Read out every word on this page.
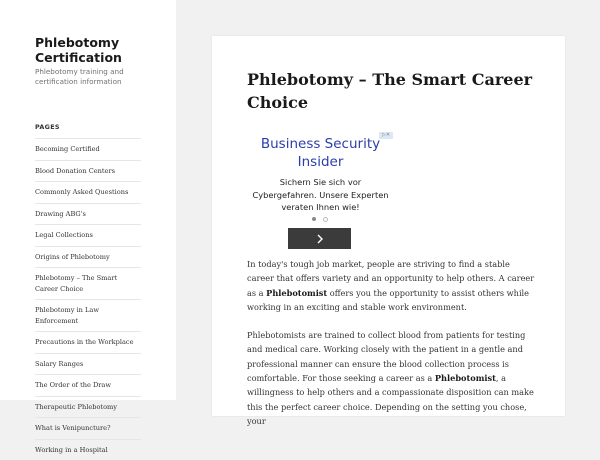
Phlebotomy Certification
Phlebotomy training and certification information
PAGES
Becoming Certified
Blood Donation Centers
Commonly Asked Questions
Drawing ABG's
Legal Collections
Origins of Phlebotomy
Phlebotomy – The Smart Career Choice
Phlebotomy in Law Enforcement
Precautions in the Workplace
Salary Ranges
The Order of the Draw
Therapeutic Phlebotomy
What is Venipuncture?
Working in a Hospital
Phlebotomy – The Smart Career Choice
▷✕
Business Security Insider
Sichern Sie sich vor Cybergefahren. Unsere Experten veraten Ihnen wie!

In today's tough job market, people are striving to find a stable career that offers variety and an opportunity to help others. A career as a Phlebotomist offers you the opportunity to assist others while working in an exciting and stable work environment.

Phlebotomists are trained to collect blood from patients for testing and medical care. Working closely with the patient in a gentle and professional manner can ensure the blood collection process is comfortable. For those seeking a career as a Phlebotomist, a willingness to help others and a compassionate disposition can make this the perfect career choice. Depending on the setting you chose, your
